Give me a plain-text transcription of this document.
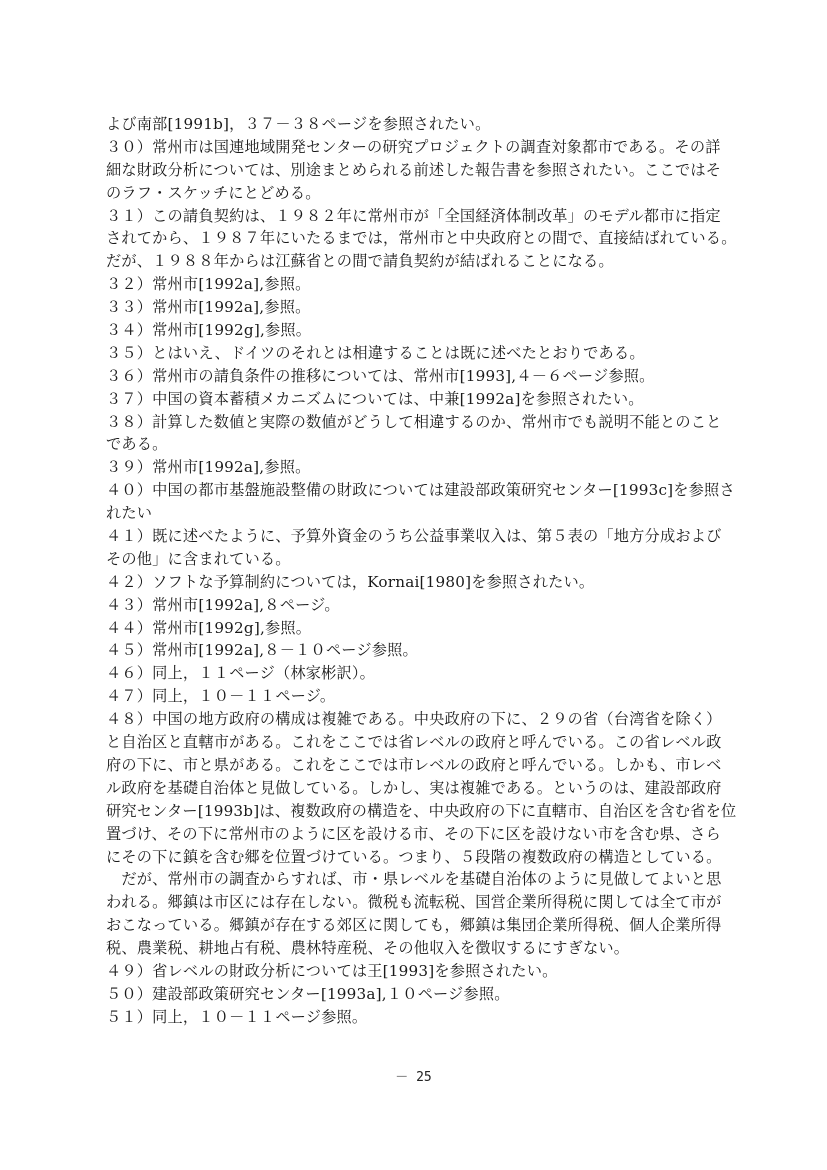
よび南部[1991b]，３７－３８ページを参照されたい。
３０）常州市は国連地域開発センターの研究プロジェクトの調査対象都市である。その詳
細な財政分析については、別途まとめられる前述した報告書を参照されたい。ここではそ
のラフ・スケッチにとどめる。
３１）この請負契約は、１９８２年に常州市が「全国経済体制改革」のモデル都市に指定
されてから、１９８７年にいたるまでは，常州市と中央政府との間で、直接結ばれている。
だが、１９８８年からは江蘇省との間で請負契約が結ばれることになる。
３２）常州市[1992a],参照。
３３）常州市[1992a],参照。
３４）常州市[1992g],参照。
３５）とはいえ、ドイツのそれとは相違することは既に述べたとおりである。
３６）常州市の請負条件の推移については、常州市[1993],４－６ページ参照。
３７）中国の資本蓄積メカニズムについては、中兼[1992a]を参照されたい。
３８）計算した数値と実際の数値がどうして相違するのか、常州市でも説明不能とのこと
である。
３９）常州市[1992a],参照。
４０）中国の都市基盤施設整備の財政については建設部政策研究センター[1993c]を参照さ
れたい
４１）既に述べたように、予算外資金のうち公益事業収入は、第５表の「地方分成および
その他」に含まれている。
４２）ソフトな予算制約については，Kornai[1980]を参照されたい。
４３）常州市[1992a],８ページ。
４４）常州市[1992g],参照。
４５）常州市[1992a],８－１０ページ参照。
４６）同上，１１ページ（林家彬訳）。
４７）同上，１０－１１ページ。
４８）中国の地方政府の構成は複雑である。中央政府の下に、２９の省（台湾省を除く）
と自治区と直轄市がある。これをここでは省レベルの政府と呼んでいる。この省レベル政
府の下に、市と県がある。これをここでは市レベルの政府と呼んでいる。しかも、市レベ
ル政府を基礎自治体と見做している。しかし、実は複雑である。というのは、建設部政府
研究センター[1993b]は、複数政府の構造を、中央政府の下に直轄市、自治区を含む省を位
置づけ、その下に常州市のように区を設ける市、その下に区を設けない市を含む県、さら
にその下に鎮を含む郷を位置づけている。つまり、５段階の複数政府の構造としている。
　だが、常州市の調査からすれば、市・県レベルを基礎自治体のように見做してよいと思
われる。郷鎮は市区には存在しない。微税も流転税、国営企業所得税に関しては全て市が
おこなっている。郷鎮が存在する郊区に関しても，郷鎮は集団企業所得税、個人企業所得
税、農業税、耕地占有税、農林特産税、その他収入を徴収するにすぎない。
４９）省レベルの財政分析については王[1993]を参照されたい。
５０）建設部政策研究センター[1993a],１０ページ参照。
５１）同上，１０－１１ページ参照。
－ 25
